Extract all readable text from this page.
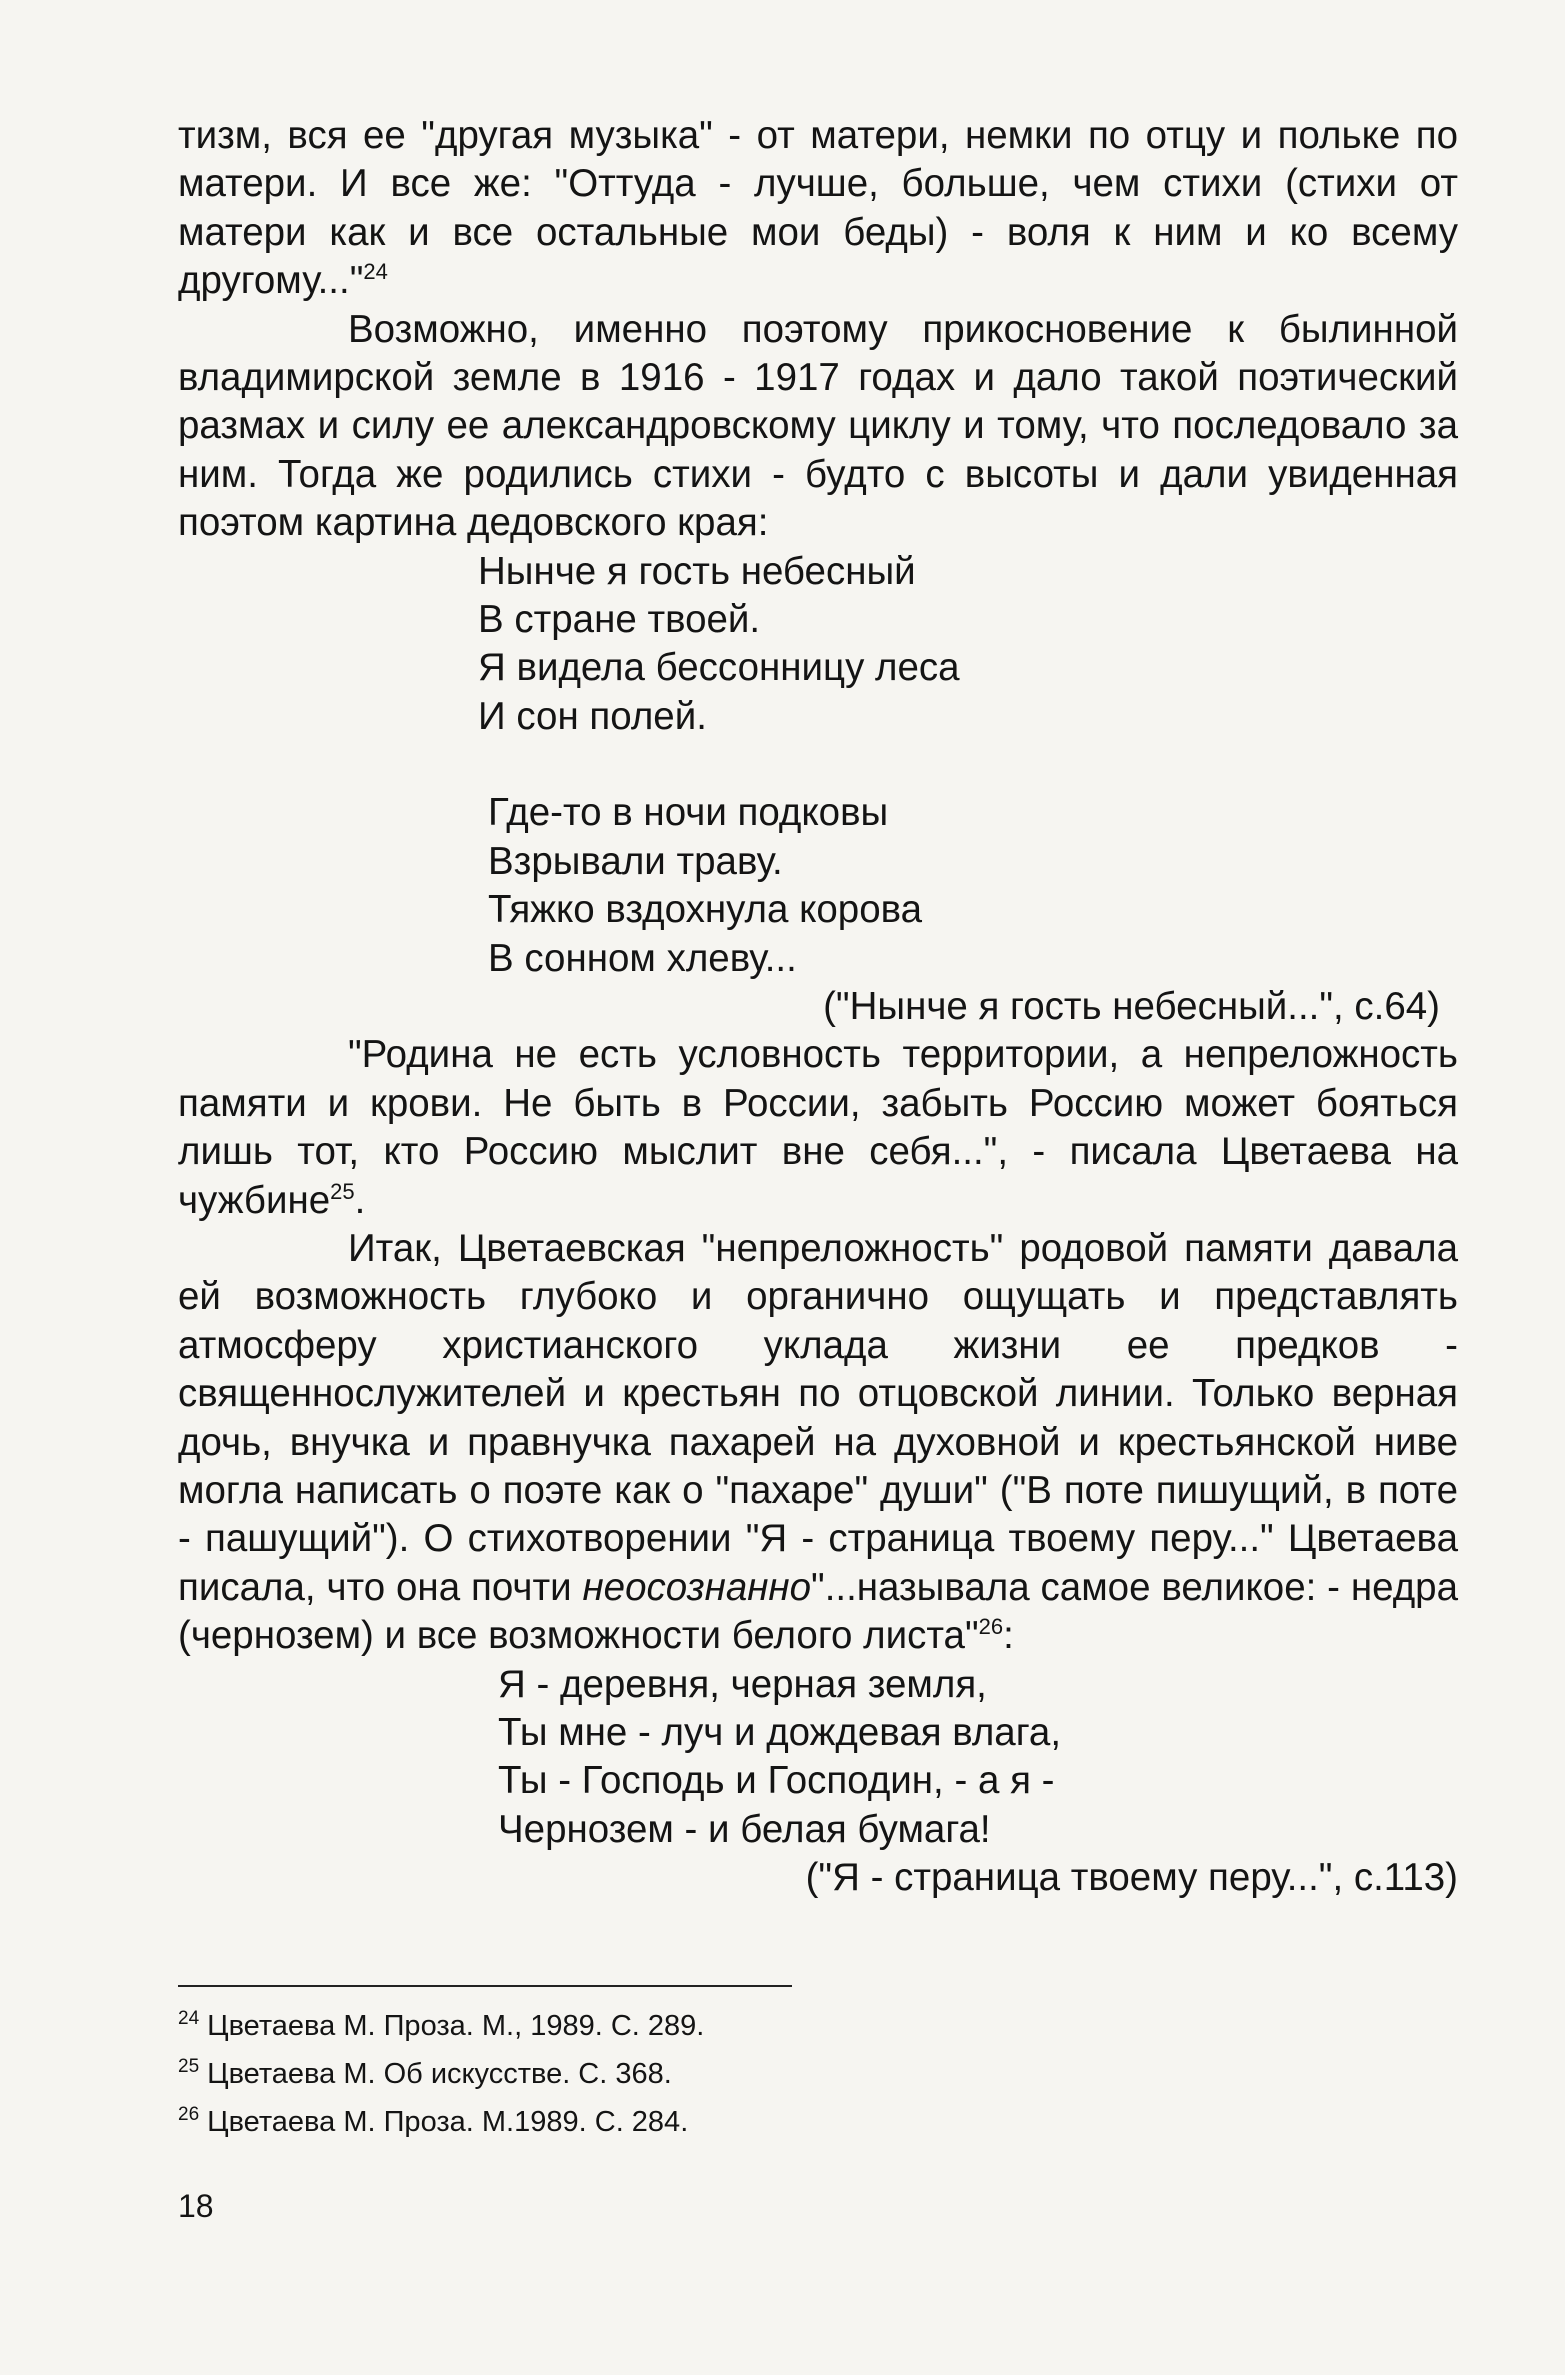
тизм, вся ее "другая музыка" - от матери, немки по отцу и польке по матери. И все же: "Оттуда - лучше, больше, чем стихи (стихи от матери как и все остальные мои беды) - воля к ним и ко всему другому..."$^{24}$

Возможно, именно поэтому прикосновение к былинной владимирской земле в 1916 - 1917 годах и дало такой поэтический размах и силу ее александровскому циклу и тому, что последовало за ним. Тогда же родились стихи - будто с высоты и дали увиденная поэтом картина дедовского края:

Нынче я гость небесный
В стране твоей.
Я видела бессонницу леса
И сон полей.
Где-то в ночи подковы
Взрывали траву.
Тяжко вздохнула корова
В сонном хлеву...

("Нынче я гость небесный...", с.64)

"Родина не есть условность территории, а непреложность памяти и крови. Не быть в России, забыть Россию может бояться лишь тот, кто Россию мыслит вне себя...", - писала Цветаева на чужбине$^{25}$.

Итак, Цветаевская "непреложность" родовой памяти давала ей возможность глубоко и органично ощущать и представлять атмосферу христианского уклада жизни ее предков - священнослужителей и крестьян по отцовской линии. Только верная дочь, внучка и правнучка пахарей на духовной и крестьянской ниве могла написать о поэте как о "пахаре" души" ("В поте пишущий, в поте - пашущий"). О стихотворении "Я - страница твоему перу..." Цветаева писала, что она почти неосознанно"...называла самое великое: - недра (чернозем) и все возможности белого листа"$^{26}$:

Я - деревня, черная земля,
Ты мне - луч и дождевая влага,
Ты - Господь и Господин, - а я -
Чернозем - и белая бумага!

("Я - страница твоему перу...", с.113)

$^{24}$ Цветаева М. Проза. М., 1989. С. 289.
$^{25}$ Цветаева М. Об искусстве. С. 368.
$^{26}$ Цветаева М. Проза. М.1989. С. 284.
18
